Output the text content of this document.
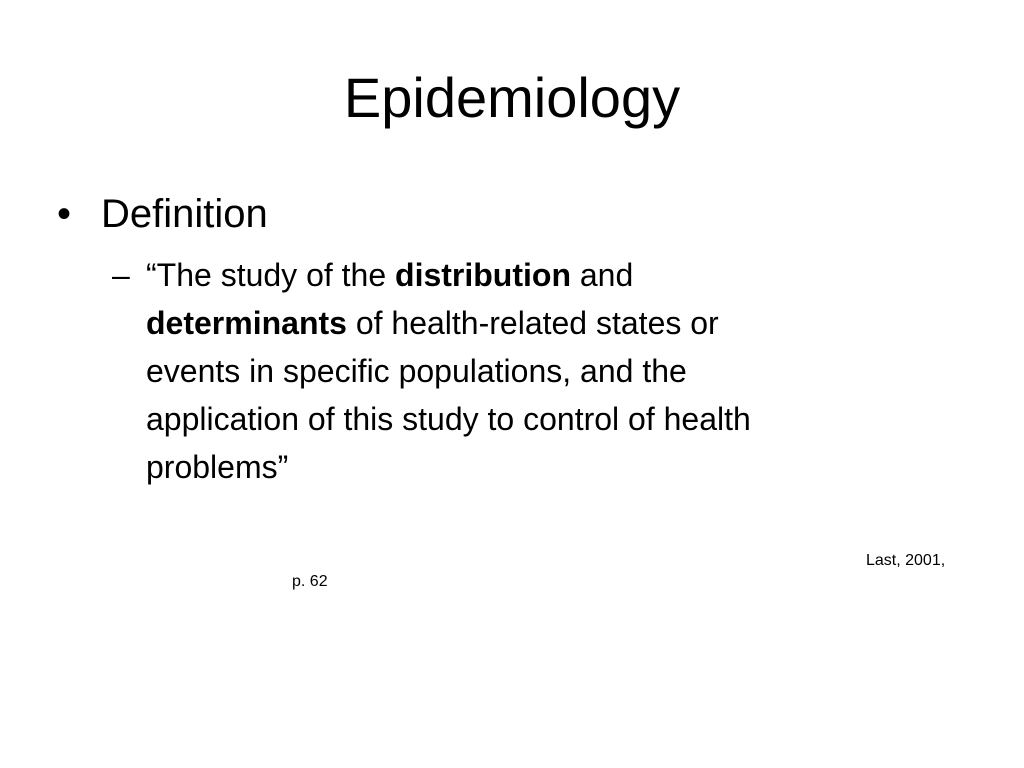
Epidemiology
• Definition
– “The study of the distribution and
determinants of health-related states or
events in specific populations, and the
application of this study to control of health
problems”

Last, 2001,
p. 62
